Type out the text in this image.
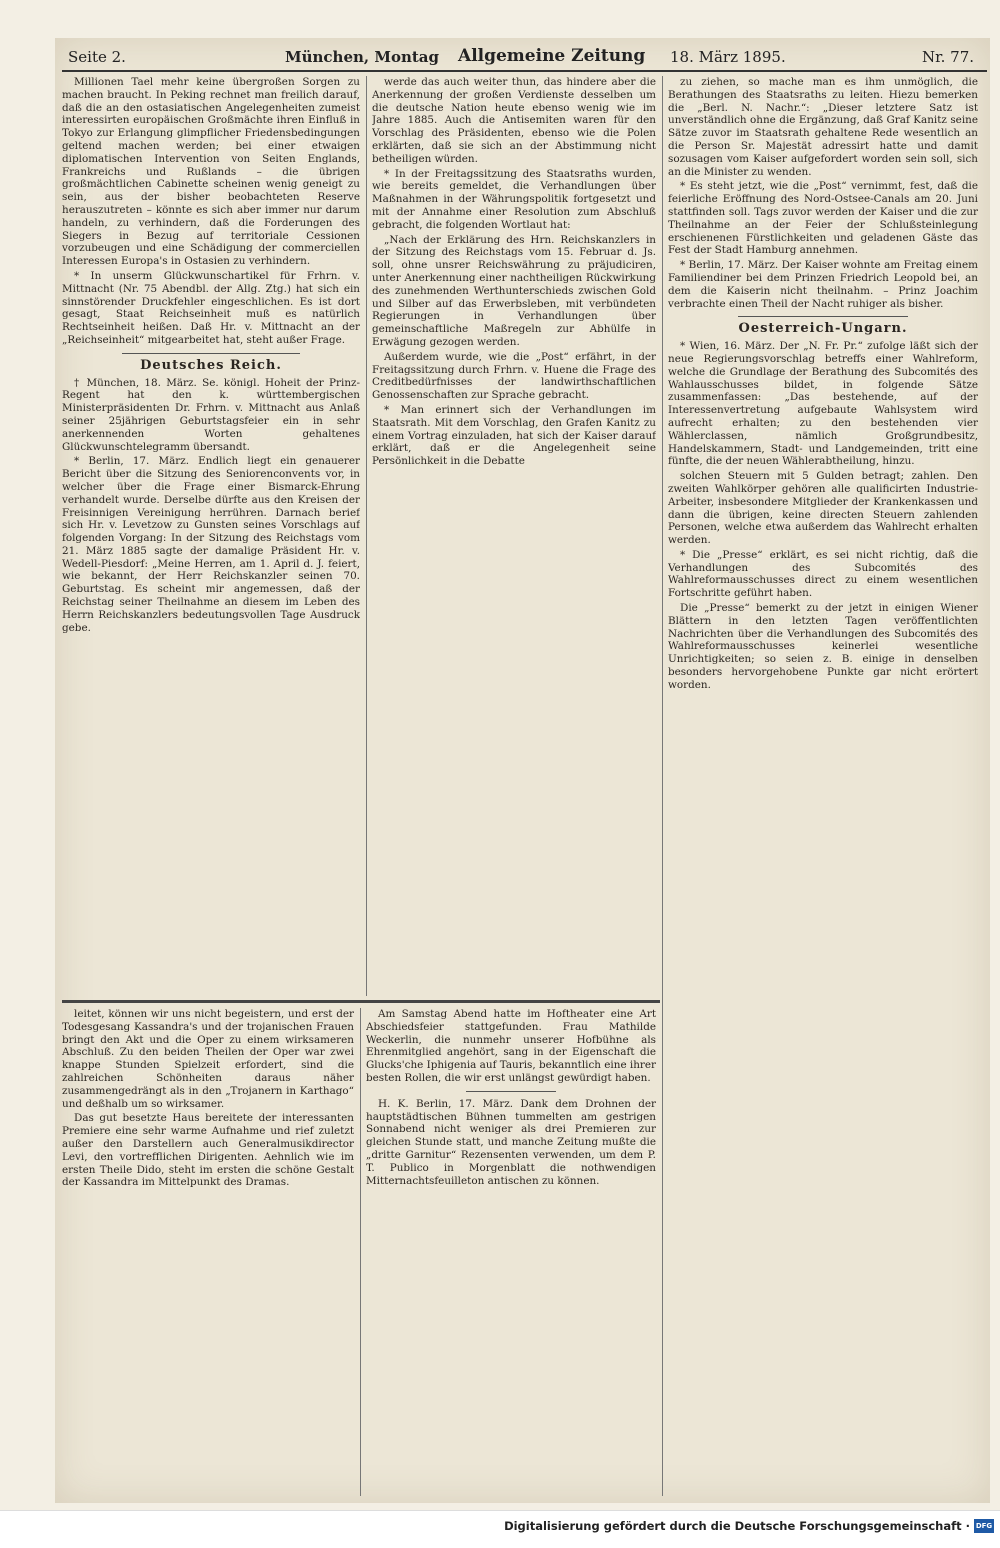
Seite 2.	München, Montag Allgemeine Zeitung 18. März 1895.	Nr. 77.

Millionen Tael mehr keine übergroßen Sorgen zu machen braucht. In Peking rechnet man freilich darauf, daß die an den ostasiatischen Angelegenheiten zumeist interessirten europäischen Großmächte ihren Einfluß in Tokyo zur Erlangung glimpflicher Friedensbedingungen geltend machen werden; bei einer etwaigen diplomatischen Intervention von Seiten Englands, Frankreichs und Rußlands – die übrigen großmächtlichen Cabinette scheinen wenig geneigt zu sein, aus der bisher beobachteten Reserve herauszutreten – könnte es sich aber immer nur darum handeln, zu verhindern, daß die Forderungen des Siegers in Bezug auf territoriale Cessionen vorzubeugen und eine Schädigung der commerciellen Interessen Europa's in Ostasien zu verhindern.

* In unserm Glückwunschartikel für Frhrn. v. Mittnacht (Nr. 75 Abendbl. der Allg. Ztg.) hat sich ein sinnstörender Druckfehler eingeschlichen. Es ist dort gesagt, Staat Reichseinheit muß es natürlich Rechtseinheit heißen. Daß Hr. v. Mittnacht an der „Reichseinheit“ mitgearbeitet hat, steht außer Frage.

Deutsches Reich.

† München, 18. März. Se. königl. Hoheit der Prinz-Regent hat den k. württembergischen Ministerpräsidenten Dr. Frhrn. v. Mittnacht aus Anlaß seiner 25jährigen Geburtstagsfeier ein in sehr anerkennenden Worten gehaltenes Glückwunschtelegramm übersandt.

* Berlin, 17. März. Endlich liegt ein genauerer Bericht über die Sitzung des Seniorenconvents vor, in welcher über die Frage einer Bismarck-Ehrung verhandelt wurde. Derselbe dürfte aus den Kreisen der Freisinnigen Vereinigung herrühren. Darnach berief sich Hr. v. Levetzow zu Gunsten seines Vorschlags auf folgenden Vorgang: In der Sitzung des Reichstags vom 21. März 1885 sagte der damalige Präsident Hr. v. Wedell-Piesdorf: „Meine Herren, am 1. April d. J. feiert, wie bekannt, der Herr Reichskanzler seinen 70. Geburtstag. Es scheint mir angemessen, daß der Reichstag seiner Theilnahme an diesem im Leben des Herrn Reichskanzlers bedeutungsvollen Tage Ausdruck gebe.

werde das auch weiter thun, das hindere aber die Anerkennung der großen Verdienste desselben um die deutsche Nation heute ebenso wenig wie im Jahre 1885. Auch die Antisemiten waren für den Vorschlag des Präsidenten, ebenso wie die Polen erklärten, daß sie sich an der Abstimmung nicht betheiligen würden.

* In der Freitagssitzung des Staatsraths wurden, wie bereits gemeldet, die Verhandlungen über Maßnahmen in der Währungspolitik fortgesetzt und mit der Annahme einer Resolution zum Abschluß gebracht, die folgenden Wortlaut hat:

„Nach der Erklärung des Hrn. Reichskanzlers in der Sitzung des Reichstags vom 15. Februar d. Js. soll, ohne unsrer Reichswährung zu präjudiciren, unter Anerkennung einer nachtheiligen Rückwirkung des zunehmenden Werthunterschieds zwischen Gold und Silber auf das Erwerbsleben, mit verbündeten Regierungen in Verhandlungen über gemeinschaftliche Maßregeln zur Abhülfe in Erwägung gezogen werden.

Außerdem wurde, wie die „Post“ erfährt, in der Freitagssitzung durch Frhrn. v. Huene die Frage des Creditbedürfnisses der landwirthschaftlichen Genossenschaften zur Sprache gebracht.

* Man erinnert sich der Verhandlungen im Staatsrath. Mit dem Vorschlag, den Grafen Kanitz zu einem Vortrag einzuladen, hat sich der Kaiser darauf erklärt, daß er die Angelegenheit seine Persönlichkeit in die Debatte

zu ziehen, so mache man es ihm unmöglich, die Berathungen des Staatsraths zu leiten. Hiezu bemerken die „Berl. N. Nachr.“: „Dieser letztere Satz ist unverständlich ohne die Ergänzung, daß Graf Kanitz seine Sätze zuvor im Staatsrath gehaltene Rede wesentlich an die Person Sr. Majestät adressirt hatte und damit sozusagen vom Kaiser aufgefordert worden sein soll, sich an die Minister zu wenden.

* Es steht jetzt, wie die „Post“ vernimmt, fest, daß die feierliche Eröffnung des Nord-Ostsee-Canals am 20. Juni stattfinden soll. Tags zuvor werden der Kaiser und die zur Theilnahme an der Feier der Schlußsteinlegung erschienenen Fürstlichkeiten und geladenen Gäste das Fest der Stadt Hamburg annehmen.

* Berlin, 17. März. Der Kaiser wohnte am Freitag einem Familiendiner bei dem Prinzen Friedrich Leopold bei, an dem die Kaiserin nicht theilnahm. – Prinz Joachim verbrachte einen Theil der Nacht ruhiger als bisher.

Oesterreich-Ungarn.

* Wien, 16. März. Der „N. Fr. Pr.“ zufolge läßt sich der neue Regierungsvorschlag betreffs einer Wahlreform, welche die Grundlage der Berathung des Subcomités des Wahlausschusses bildet, in folgende Sätze zusammenfassen: „Das bestehende, auf der Interessenvertretung aufgebaute Wahlsystem wird aufrecht erhalten; zu den bestehenden vier Wählerclassen, nämlich Großgrundbesitz, Handelskammern, Stadt- und Landgemeinden, tritt eine fünfte, die der neuen Wählerabtheilung, hinzu.

solchen Steuern mit 5 Gulden betragt; zahlen. Den zweiten Wahlkörper gehören alle qualificirten Industrie-Arbeiter, insbesondere Mitglieder der Krankenkassen und dann die übrigen, keine directen Steuern zahlenden Personen, welche etwa außerdem das Wahlrecht erhalten werden.

* Die „Presse“ erklärt, es sei nicht richtig, daß die Verhandlungen des Subcomités des Wahlreformausschusses direct zu einem wesentlichen Fortschritte geführt haben.

Die „Presse“ bemerkt zu der jetzt in einigen Wiener Blättern in den letzten Tagen veröffentlichten Nachrichten über die Verhandlungen des Subcomités des Wahlreformausschusses keinerlei wesentliche Unrichtigkeiten; so seien z. B. einige in denselben besonders hervorgehobene Punkte gar nicht erörtert worden.

leitet, können wir uns nicht begeistern, und erst der Todesgesang Kassandra's und der trojanischen Frauen bringt den Akt und die Oper zu einem wirksameren Abschluß. Zu den beiden Theilen der Oper war zwei knappe Stunden Spielzeit erfordert, sind die zahlreichen Schönheiten daraus näher zusammengedrängt als in den „Trojanern in Karthago“ und deßhalb um so wirksamer.

Das gut besetzte Haus bereitete der interessanten Premiere eine sehr warme Aufnahme und rief zuletzt außer den Darstellern auch Generalmusikdirector Levi, den vortrefflichen Dirigenten. Aehnlich wie im ersten Theile Dido, steht im ersten die schöne Gestalt der Kassandra im Mittelpunkt des Dramas.

Am Samstag Abend hatte im Hoftheater eine Art Abschiedsfeier stattgefunden. Frau Mathilde Weckerlin, die nunmehr unserer Hofbühne als Ehrenmitglied angehört, sang in der Eigenschaft die Glucks'che Iphigenia auf Tauris, bekanntlich eine ihrer besten Rollen, die wir erst unlängst gewürdigt haben.

H. K. Berlin, 17. März. Dank dem Drohnen der hauptstädtischen Bühnen tummelten am gestrigen Sonnabend nicht weniger als drei Premieren zur gleichen Stunde statt, und manche Zeitung mußte die „dritte Garnitur“ Rezensenten verwenden, um dem P. T. Publico in Morgenblatt die nothwendigen Mitternachtsfeuilleton antischen zu können.

Digitalisierung gefördert durch die Deutsche Forschungsgemeinschaft · DFG
